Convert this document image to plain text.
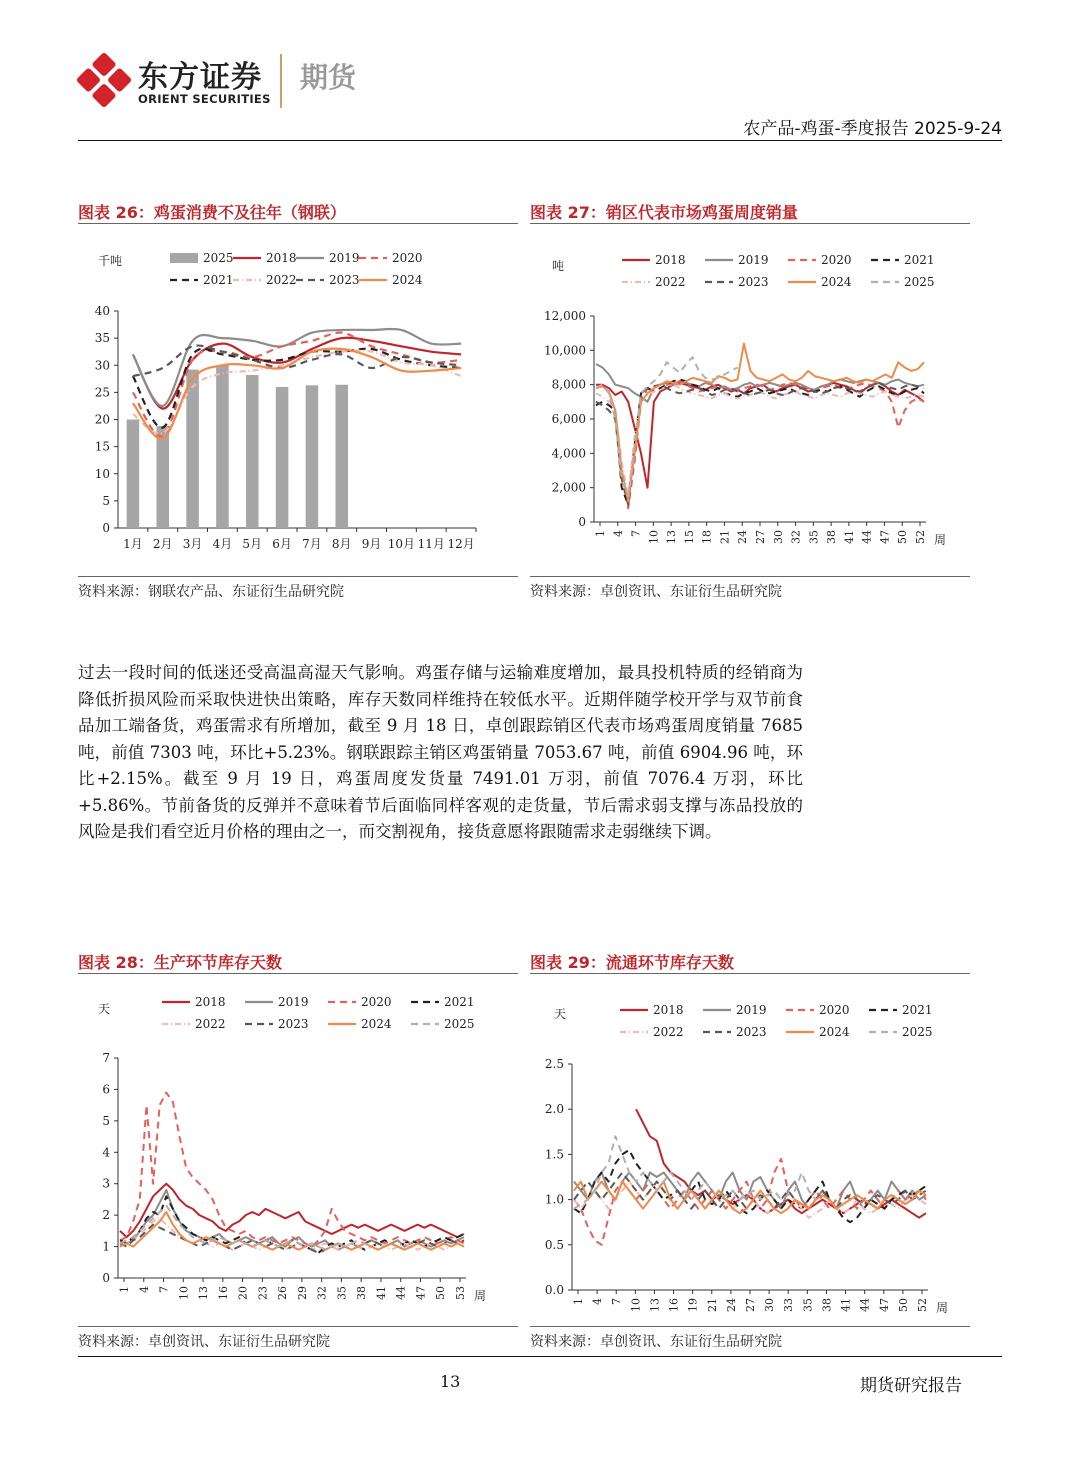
东方证券
ORIENT SECURITIES
期货
农产品-鸡蛋-季度报告 2025-9-24
图表 26：鸡蛋消费不及往年（钢联）
0
5
10
15
20
25
30
35
40
1月 2月 3月 4月 5月 6月 7月 8月 9月 10月 11月 12月
千吨	2025	2018	2019	2020
2021	2022	2023	2024
资料来源：钢联农产品、东证衍生品研究院
图表 27：销区代表市场鸡蛋周度销量
0
2,000
4,000
6,000
8,000
10,000
12,000
1 4 7 10 13 15 18 21 24 27 30 32 35 38 41 44 47 50 52 周
吨	2018	2019	2020	2021
2022	2023	2024	2025
资料来源：卓创资讯、东证衍生品研究院
过去一段时间的低迷还受高温高湿天气影响。鸡蛋存储与运输难度增加，最具投机特质的经销商为降低折损风险而采取快进快出策略，库存天数同样维持在较低水平。近期伴随学校开学与双节前食品加工端备货，鸡蛋需求有所增加，截至 9 月 18 日，卓创跟踪销区代表市场鸡蛋周度销量 7685 吨，前值 7303 吨，环比+5.23%。钢联跟踪主销区鸡蛋销量 7053.67 吨，前值 6904.96 吨，环比+2.15%。截至 9 月 19 日，鸡蛋周度发货量 7491.01 万羽，前值 7076.4 万羽，环比+5.86%。节前备货的反弹并不意味着节后面临同样客观的走货量，节后需求弱支撑与冻品投放的风险是我们看空近月价格的理由之一，而交割视角，接货意愿将跟随需求走弱继续下调。
图表 28：生产环节库存天数
0
1
2
3
4
5
6
7
1 4 7 10 13 16 20 23 26 29 32 35 38 41 44 47 50 53 周
天	2018	2019	2020	2021
2022	2023	2024	2025
资料来源：卓创资讯、东证衍生品研究院
图表 29：流通环节库存天数
0.0
0.5
1.0
1.5
2.0
2.5
1 4 7 10 13 16 19 21 24 27 30 33 35 38 41 44 47 50 52 周
天	2018	2019	2020	2021
2022	2023	2024	2025
资料来源：卓创资讯、东证衍生品研究院
13	期货研究报告
